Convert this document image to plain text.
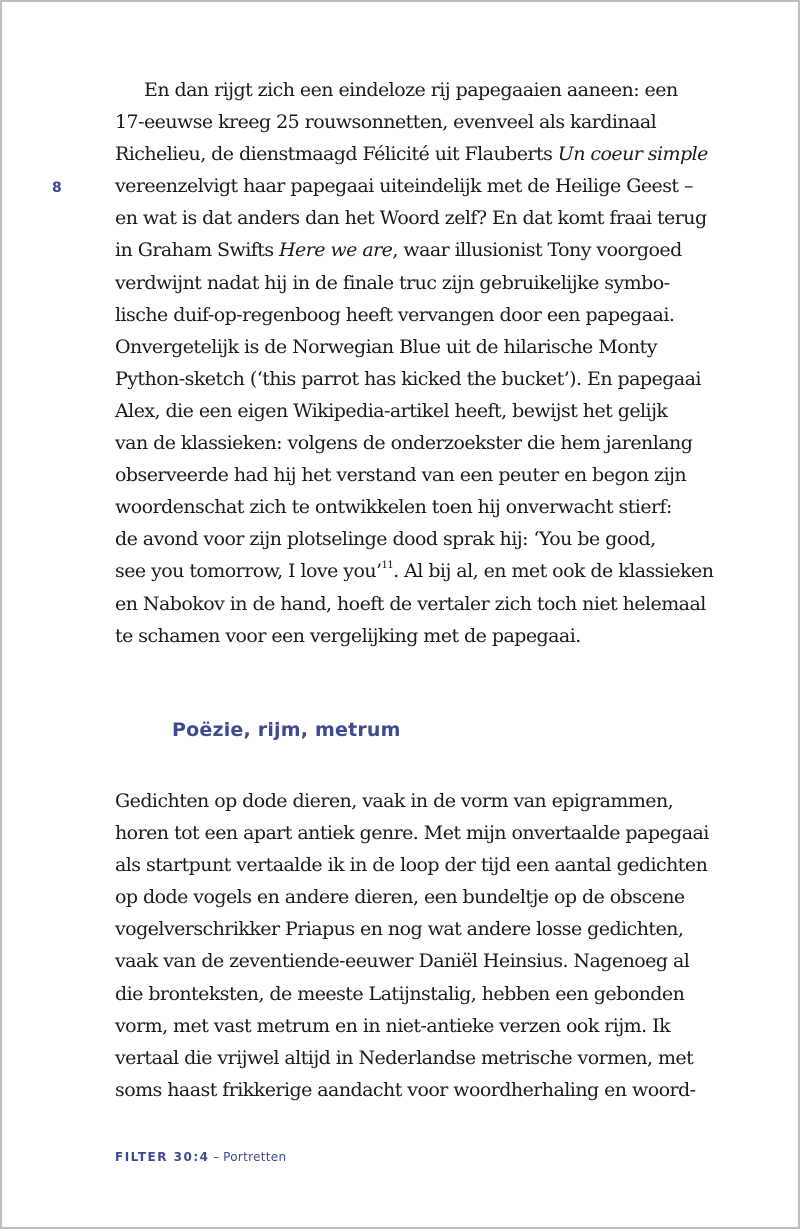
8
En dan rijgt zich een eindeloze rij papegaaien aaneen: een
17-eeuwse kreeg 25 rouwsonnetten, evenveel als kardinaal
Richelieu, de dienstmaagd Félicité uit Flauberts Un coeur simple
vereenzelvigt haar papegaai uiteindelijk met de Heilige Geest –
en wat is dat anders dan het Woord zelf? En dat komt fraai terug
in Graham Swifts Here we are, waar illusionist Tony voorgoed
verdwijnt nadat hij in de finale truc zijn gebruikelijke symbo-
lische duif-op-regenboog heeft vervangen door een papegaai.
Onvergetelijk is de Norwegian Blue uit de hilarische Monty
Python-sketch (‘this parrot has kicked the bucket’). En papegaai
Alex, die een eigen Wikipedia-artikel heeft, bewijst het gelijk
van de klassieken: volgens de onderzoekster die hem jarenlang
observeerde had hij het verstand van een peuter en begon zijn
woordenschat zich te ontwikkelen toen hij onverwacht stierf:
de avond voor zijn plotselinge dood sprak hij: ‘You be good,
see you tomorrow, I love you’$^{11}$. Al bij al, en met ook de klassieken
en Nabokov in de hand, hoeft de vertaler zich toch niet helemaal
te schamen voor een vergelijking met de papegaai.
Poëzie, rijm, metrum
Gedichten op dode dieren, vaak in de vorm van epigrammen,
horen tot een apart antiek genre. Met mijn onvertaalde papegaai
als startpunt vertaalde ik in de loop der tijd een aantal gedichten
op dode vogels en andere dieren, een bundeltje op de obscene
vogelverschrikker Priapus en nog wat andere losse gedichten,
vaak van de zeventiende-eeuwer Daniël Heinsius. Nagenoeg al
die bronteksten, de meeste Latijnstalig, hebben een gebonden
vorm, met vast metrum en in niet-antieke verzen ook rijm. Ik
vertaal die vrijwel altijd in Nederlandse metrische vormen, met
soms haast frikkerige aandacht voor woordherhaling en woord-
FILTER 30:4 – Portretten
